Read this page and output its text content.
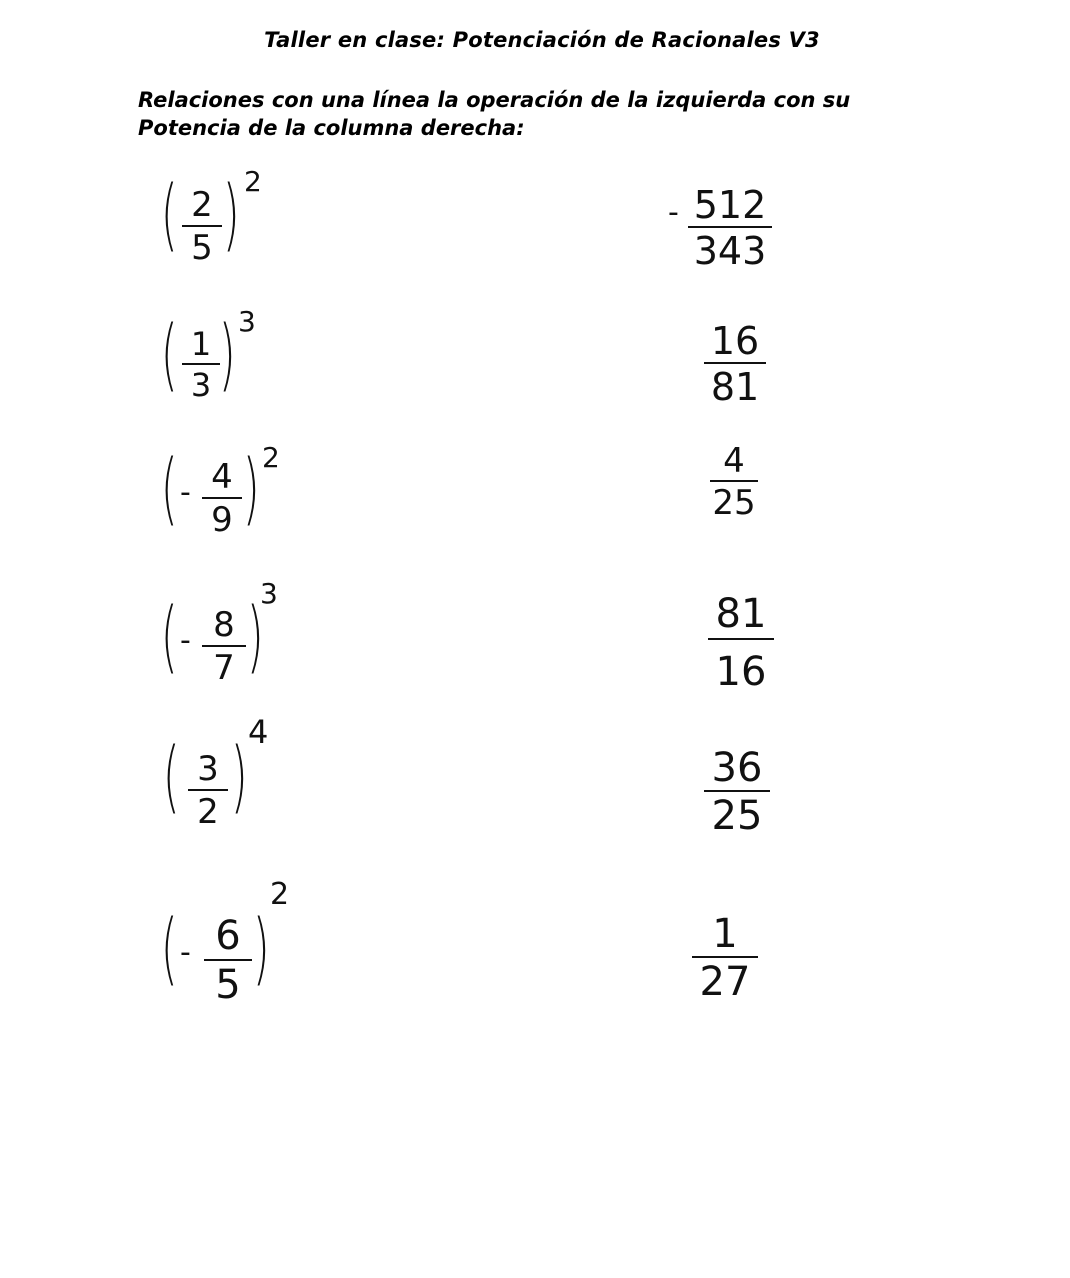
Taller en clase: Potenciación de Racionales V3
Relaciones con una línea la operación de la izquierda con su
Potencia de la columna derecha:
( 2
5 ) 2
( 1
3 ) 3
( - 4
9 ) 2
( - 8
7 )
3
( 3
2 ) 4
( - 6
5 )
2
- 512
343
16
81
4
25
81
16
36
25
1
27
